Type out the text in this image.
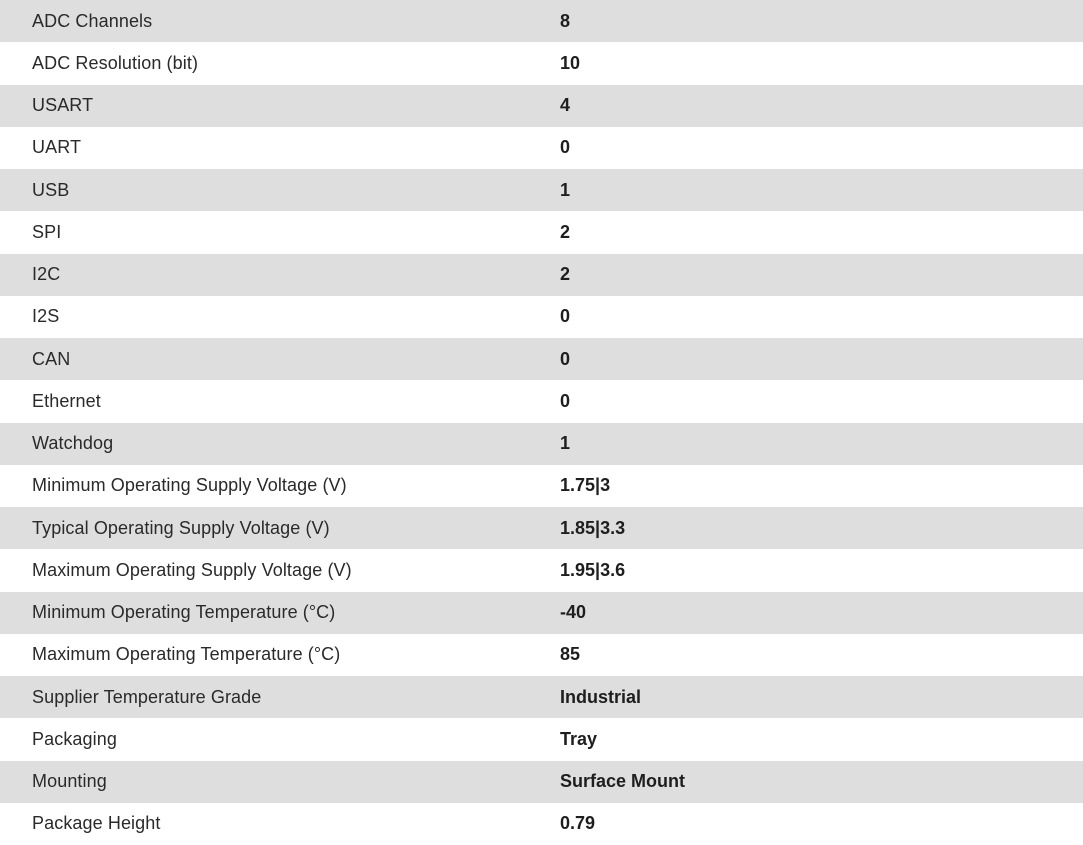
ADC Channels	8
ADC Resolution (bit)	10
USART	4
UART	0
USB	1
SPI	2
I2C	2
I2S	0
CAN	0
Ethernet	0
Watchdog	1
Minimum Operating Supply Voltage (V)	1.75|3
Typical Operating Supply Voltage (V)	1.85|3.3
Maximum Operating Supply Voltage (V)	1.95|3.6
Minimum Operating Temperature (°C)	-40
Maximum Operating Temperature (°C)	85
Supplier Temperature Grade	Industrial
Packaging	Tray
Mounting	Surface Mount
Package Height	0.79
